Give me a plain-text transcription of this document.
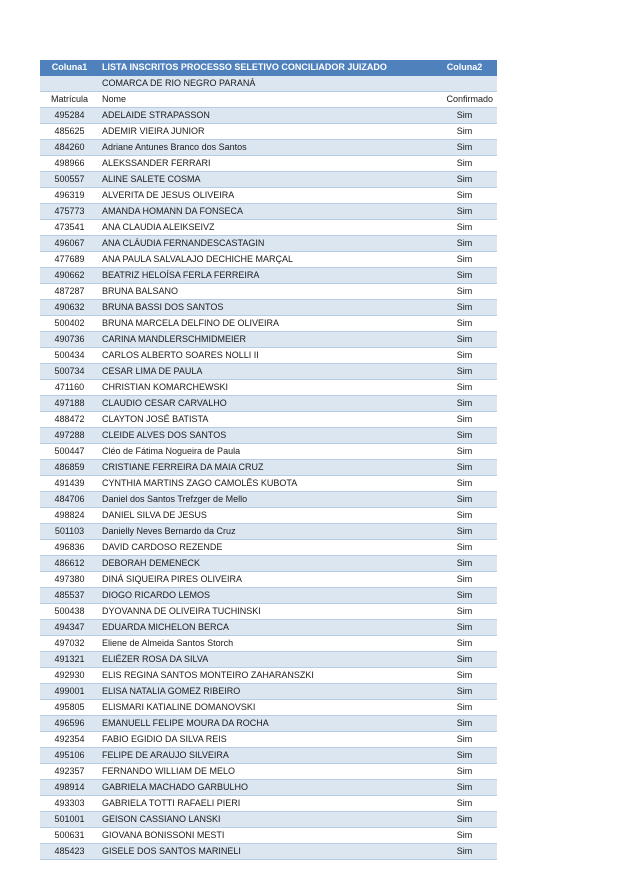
Coluna1	LISTA INSCRITOS PROCESSO SELETIVO CONCILIADOR JUIZADO	Coluna2
	COMARCA DE RIO NEGRO PARANÁ	
Matrícula	Nome	Confirmado
495284	ADELAIDE STRAPASSON	Sim
485625	ADEMIR VIEIRA JUNIOR	Sim
484260	Adriane Antunes Branco dos Santos	Sim
498966	ALEKSSANDER FERRARI	Sim
500557	ALINE SALETE COSMA	Sim
496319	ALVERITA DE JESUS OLIVEIRA	Sim
475773	AMANDA HOMANN DA FONSECA	Sim
473541	ANA CLAUDIA ALEIKSEIVZ	Sim
496067	ANA CLÁUDIA FERNANDESCASTAGIN	Sim
477689	ANA PAULA SALVALAJO DECHICHE MARÇAL	Sim
490662	BEATRIZ HELOÍSA FERLA FERREIRA	Sim
487287	BRUNA BALSANO	Sim
490632	BRUNA BASSI DOS SANTOS	Sim
500402	BRUNA MARCELA DELFINO DE OLIVEIRA	Sim
490736	CARINA MANDLERSCHMIDMEIER	Sim
500434	CARLOS ALBERTO SOARES NOLLI II	Sim
500734	CESAR LIMA DE PAULA	Sim
471160	CHRISTIAN KOMARCHEWSKI	Sim
497188	CLAUDIO CESAR CARVALHO	Sim
488472	CLAYTON JOSÉ BATISTA	Sim
497288	CLEIDE ALVES DOS SANTOS	Sim
500447	Cléo de Fátima Nogueira de Paula	Sim
486859	CRISTIANE FERREIRA DA MAIA CRUZ	Sim
491439	CYNTHIA MARTINS ZAGO CAMOLÊS KUBOTA	Sim
484706	Daniel dos Santos Trefzger de Mello	Sim
498824	DANIEL SILVA DE JESUS	Sim
501103	Danielly Neves Bernardo da Cruz	Sim
496836	DAVID CARDOSO REZENDE	Sim
486612	DEBORAH DEMENECK	Sim
497380	DINÁ SIQUEIRA PIRES OLIVEIRA	Sim
485537	DIOGO RICARDO LEMOS	Sim
500438	DYOVANNA DE OLIVEIRA TUCHINSKI	Sim
494347	EDUARDA MICHELON BERCA	Sim
497032	Eliene de Almeida Santos Storch	Sim
491321	ELIÉZER ROSA DA SILVA	Sim
492930	ELIS REGINA SANTOS MONTEIRO ZAHARANSZKI	Sim
499001	ELISA NATALIA GOMEZ RIBEIRO	Sim
495805	ELISMARI KATIALINE DOMANOVSKI	Sim
496596	EMANUELL FELIPE MOURA DA ROCHA	Sim
492354	FABIO EGIDIO DA SILVA REIS	Sim
495106	FELIPE DE ARAUJO SILVEIRA	Sim
492357	FERNANDO WILLIAM DE MELO	Sim
498914	GABRIELA MACHADO GARBULHO	Sim
493303	GABRIELA TOTTI RAFAELI PIERI	Sim
501001	GEISON CASSIANO LANSKI	Sim
500631	GIOVANA BONISSONI MESTI	Sim
485423	GISELE DOS SANTOS MARINELI	Sim
